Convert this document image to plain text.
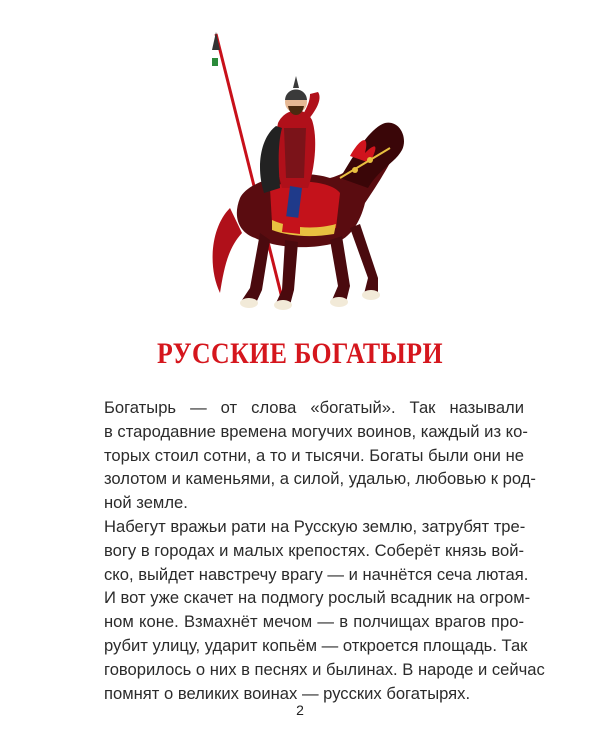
РУССКИЕ БОГАТЫРИ
Богатырь — от слова «богатый». Так называли
в стародавние времена могучих воинов, каждый из ко-
торых стоил сотни, а то и тысячи. Богаты были они не
золотом и каменьями, а силой, удалью, любовью к род-
ной земле.
Набегут вражьи рати на Русскую землю, затрубят тре-
вогу в городах и малых крепостях. Соберёт князь вой-
ско, выйдет навстречу врагу — и начнётся сеча лютая.
И вот уже скачет на подмогу рослый всадник на огром-
ном коне. Взмахнёт мечом — в полчищах врагов про-
рубит улицу, ударит копьём — откроется площадь. Так
говорилось о них в песнях и былинах. В народе и сейчас
помнят о великих воинах — русских богатырях.
2
